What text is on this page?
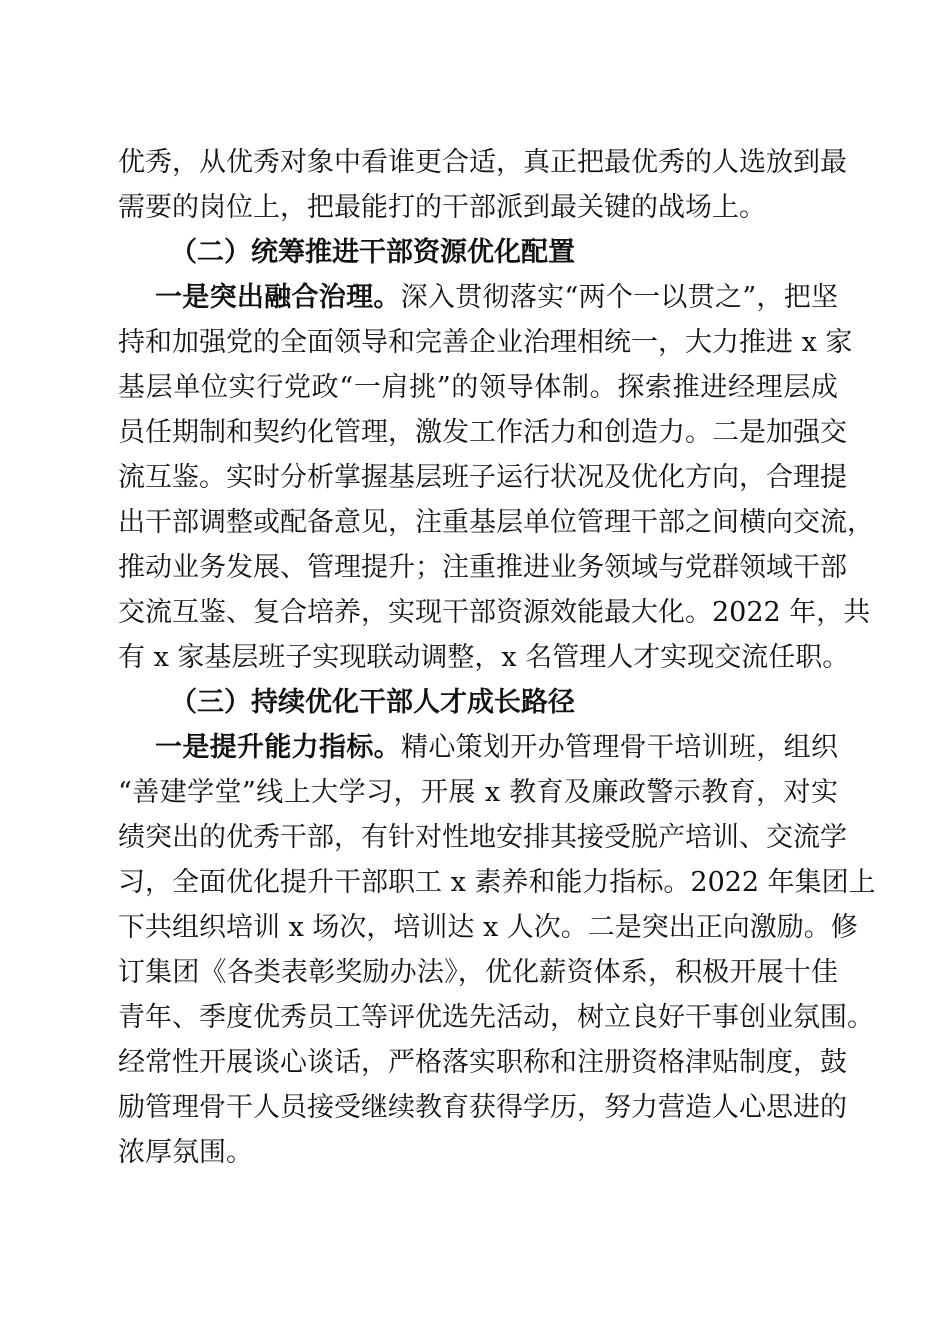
优秀，从优秀对象中看谁更合适，真正把最优秀的人选放到最
需要的岗位上，把最能打的干部派到最关键的战场上。
（二）统筹推进干部资源优化配置
一是突出融合治理。深入贯彻落实“两个一以贯之”，把坚
持和加强党的全面领导和完善企业治理相统一，大力推进 x 家
基层单位实行党政“一肩挑”的领导体制。探索推进经理层成
员任期制和契约化管理，激发工作活力和创造力。二是加强交
流互鉴。实时分析掌握基层班子运行状况及优化方向，合理提
出干部调整或配备意见，注重基层单位管理干部之间横向交流，
推动业务发展、管理提升；注重推进业务领域与党群领域干部
交流互鉴、复合培养，实现干部资源效能最大化。2022 年，共
有 x 家基层班子实现联动调整，x 名管理人才实现交流任职。
（三）持续优化干部人才成长路径
一是提升能力指标。精心策划开办管理骨干培训班，组织
“善建学堂”线上大学习，开展 x 教育及廉政警示教育，对实
绩突出的优秀干部，有针对性地安排其接受脱产培训、交流学
习，全面优化提升干部职工 x 素养和能力指标。2022 年集团上
下共组织培训 x 场次，培训达 x 人次。二是突出正向激励。修
订集团《各类表彰奖励办法》，优化薪资体系，积极开展十佳
青年、季度优秀员工等评优选先活动，树立良好干事创业氛围。
经常性开展谈心谈话，严格落实职称和注册资格津贴制度，鼓
励管理骨干人员接受继续教育获得学历，努力营造人心思进的
浓厚氛围。
